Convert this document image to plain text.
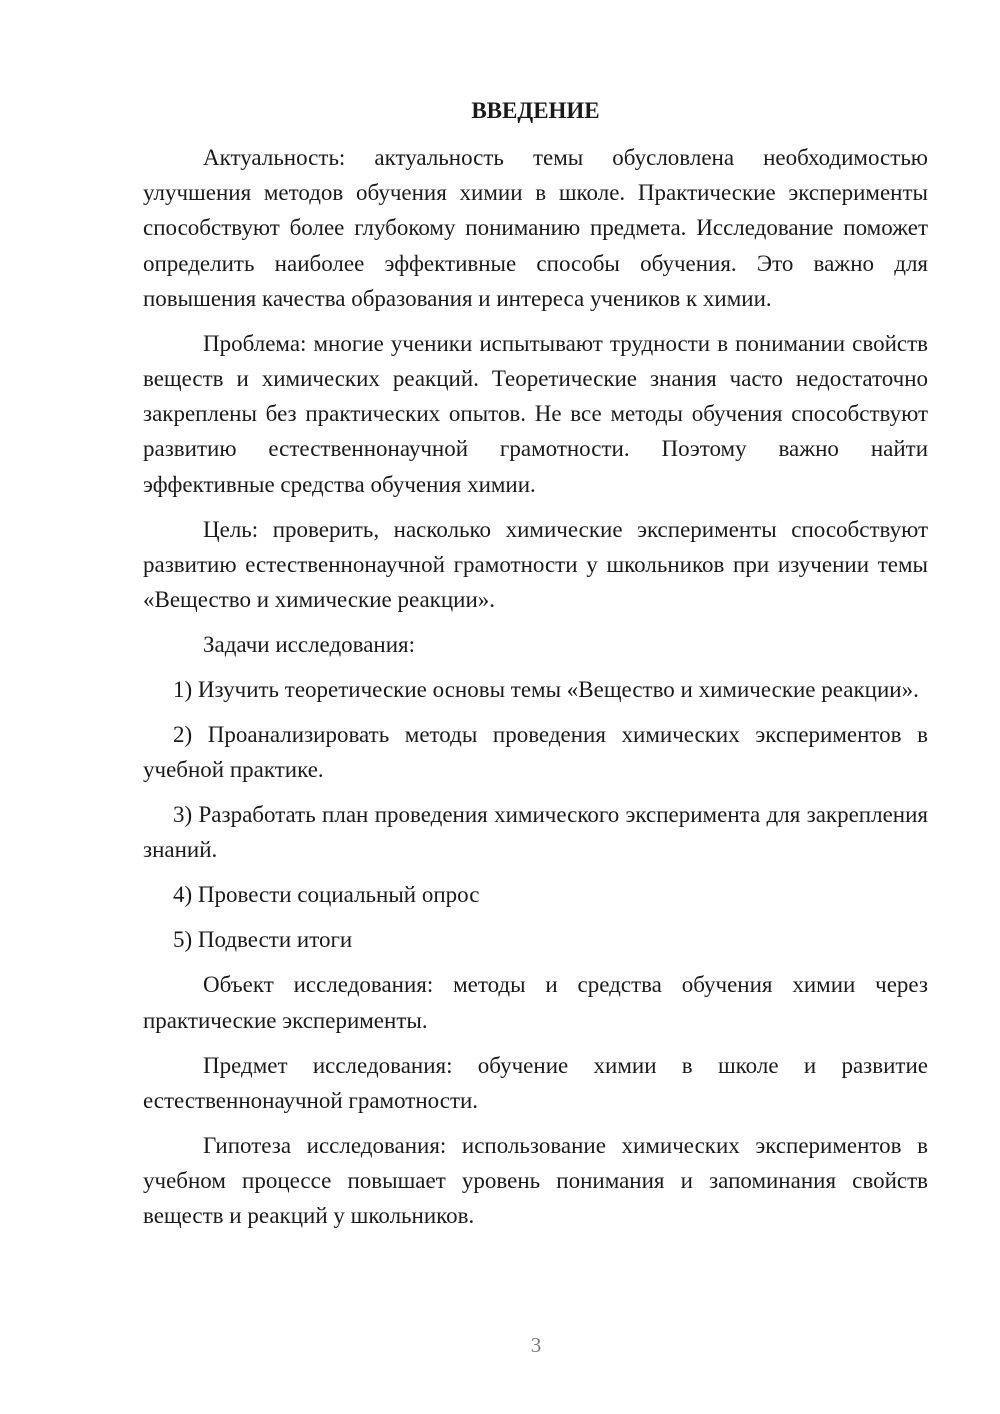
ВВЕДЕНИЕ

Актуальность: актуальность темы обусловлена необходимостью улучшения методов обучения химии в школе. Практические эксперименты способствуют более глубокому пониманию предмета. Исследование поможет определить наиболее эффективные способы обучения. Это важно для повышения качества образования и интереса учеников к химии.

Проблема: многие ученики испытывают трудности в понимании свойств веществ и химических реакций. Теоретические знания часто недостаточно закреплены без практических опытов. Не все методы обучения способствуют развитию естественнонаучной грамотности. Поэтому важно найти эффективные средства обучения химии.

Цель: проверить, насколько химические эксперименты способствуют развитию естественнонаучной грамотности у школьников при изучении темы «Вещество и химические реакции».

Задачи исследования:

1) Изучить теоретические основы темы «Вещество и химические реакции».

2) Проанализировать методы проведения химических экспериментов в учебной практике.

3) Разработать план проведения химического эксперимента для закрепления знаний.

4) Провести социальный опрос

5) Подвести итоги

Объект исследования: методы и средства обучения химии через практические эксперименты.

Предмет исследования: обучение химии в школе и развитие естественнонаучной грамотности.

Гипотеза исследования: использование химических экспериментов в учебном процессе повышает уровень понимания и запоминания свойств веществ и реакций у школьников.

3
